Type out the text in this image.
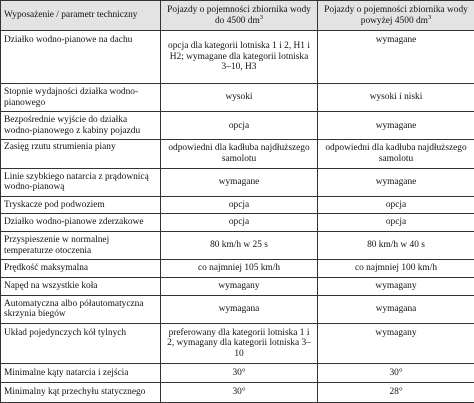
Wyposażenie / parametr techniczny	Pojazdy o pojemności zbiornika wody do 4500 $dm^3$	Pojazdy o pojemności zbiornika wody powyżej 4500 $dm^3$
Działko wodno-pianowe na dachu	opcja dla kategorii lotniska 1 i 2, H1 i H2; wymagane dla kategorii lotniska 3–10, H3	wymagane
Stopnie wydajności działka wodno-pianowego	wysoki	wysoki i niski
Bezpośrednie wyjście do działka wodno-pianowego z kabiny pojazdu	opcja	wymagane
Zasięg rzutu strumienia piany	odpowiedni dla kadłuba najdłuższego samolotu	odpowiedni dla kadłuba najdłuższego samolotu
Linie szybkiego natarcia z prądownicą wodno-pianową	wymagane	wymagane
Tryskacze pod podwoziem	opcja	opcja
Działko wodno-pianowe zderzakowe	opcja	opcja
Przyspieszenie w normalnej temperaturze otoczenia	80 km/h w 25 s	80 km/h w 40 s
Prędkość maksymalna	co najmniej 105 km/h	co najmniej 100 km/h
Napęd na wszystkie koła	wymagany	wymagany
Automatyczna albo półautomatyczna skrzynia biegów	wymagana	wymagana
Układ pojedynczych kół tylnych	preferowany dla kategorii lotniska 1 i 2, wymagany dla kategorii lotniska 3–10	wymagany
Minimalne kąty natarcia i zejścia	30°	30°
Minimalny kąt przechyłu statycznego	30°	28°
